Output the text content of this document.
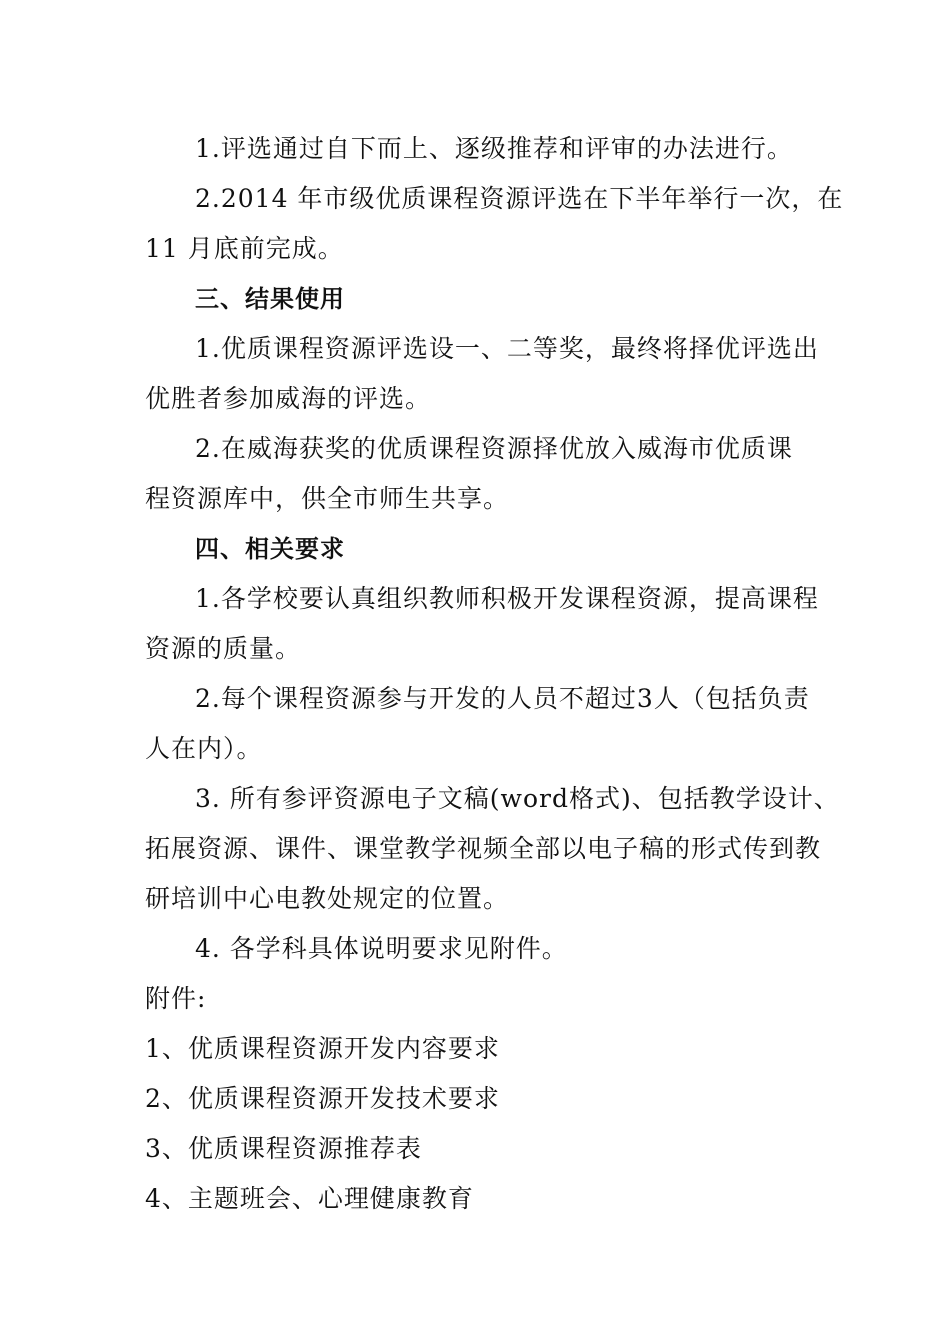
1.评选通过自下而上、逐级推荐和评审的办法进行。
2.2014 年市级优质课程资源评选在下半年举行一次，在
11 月底前完成。
三、结果使用
1.优质课程资源评选设一、二等奖，最终将择优评选出
优胜者参加威海的评选。
2.在威海获奖的优质课程资源择优放入威海市优质课
程资源库中，供全市师生共享。
四、相关要求
1.各学校要认真组织教师积极开发课程资源，提高课程
资源的质量。
2.每个课程资源参与开发的人员不超过3人（包括负责
人在内）。
3. 所有参评资源电子文稿(word格式)、包括教学设计、
拓展资源、课件、课堂教学视频全部以电子稿的形式传到教
研培训中心电教处规定的位置。
4. 各学科具体说明要求见附件。
附件:
1、优质课程资源开发内容要求
2、优质课程资源开发技术要求
3、优质课程资源推荐表
4、主题班会、心理健康教育
